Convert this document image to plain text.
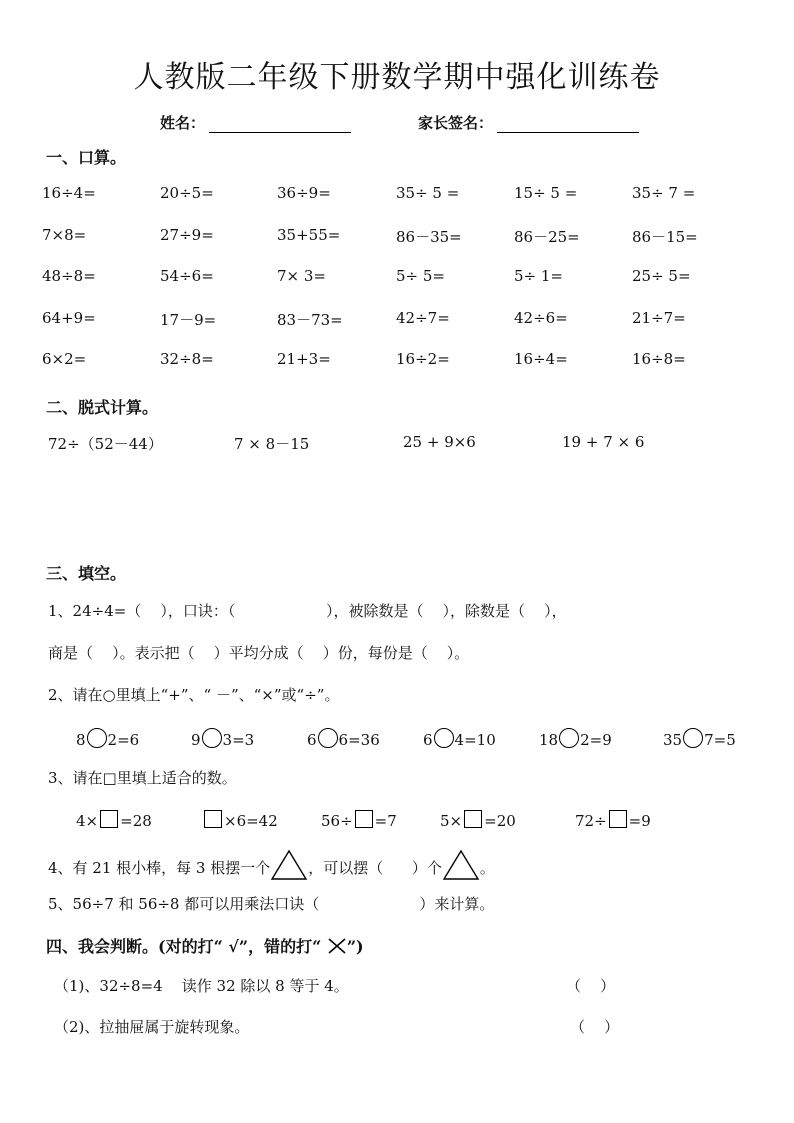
人教版二年级下册数学期中强化训练卷
姓名：	家长签名：
一、口算。
16÷4=	20÷5=	36÷9=	35÷ 5 =	15÷ 5 =	35÷ 7 =
7×8=	27÷9=	35+55=	86－35=	86－25=	86－15=
48÷8=	54÷6=	7× 3=	5÷ 5=	5÷ 1=	25÷ 5=
64+9=	17－9=	83－73=	42÷7=	42÷6=	21÷7=
6×2=	32÷8=	21+3=	16÷2=	16÷4=	16÷8=
二、脱式计算。
72÷（52－44）	7 × 8－15	25 + 9×6	19 + 7 × 6
三、填空。
1、24÷4=（    ），口诀：（                   ），被除数是（    ），除数是（    ），
商是（    ）。表示把（    ）平均分成（    ）份，每份是（    ）。
2、请在○里填上“+”、“ －”、“×”或“÷”。
8 2=6	9 3=3	6 6=36	6 4=10	18 2=9	35 7=5
3、请在□里填上适合的数。
4× =28	×6=42	56÷ =7	5× =20	72÷ =9
4、有 21 根小棒，每 3 根摆一个	，可以摆（      ）个	。
5、56÷7 和 56÷8 都可以用乘法口诀（                     ）来计算。
四、我会判断。(对的打“ √”，错的打“ ”)
（1)、32÷8=4    读作 32 除以 8 等于 4。	（    ）
（2)、拉抽屉属于旋转现象。	（    ）
